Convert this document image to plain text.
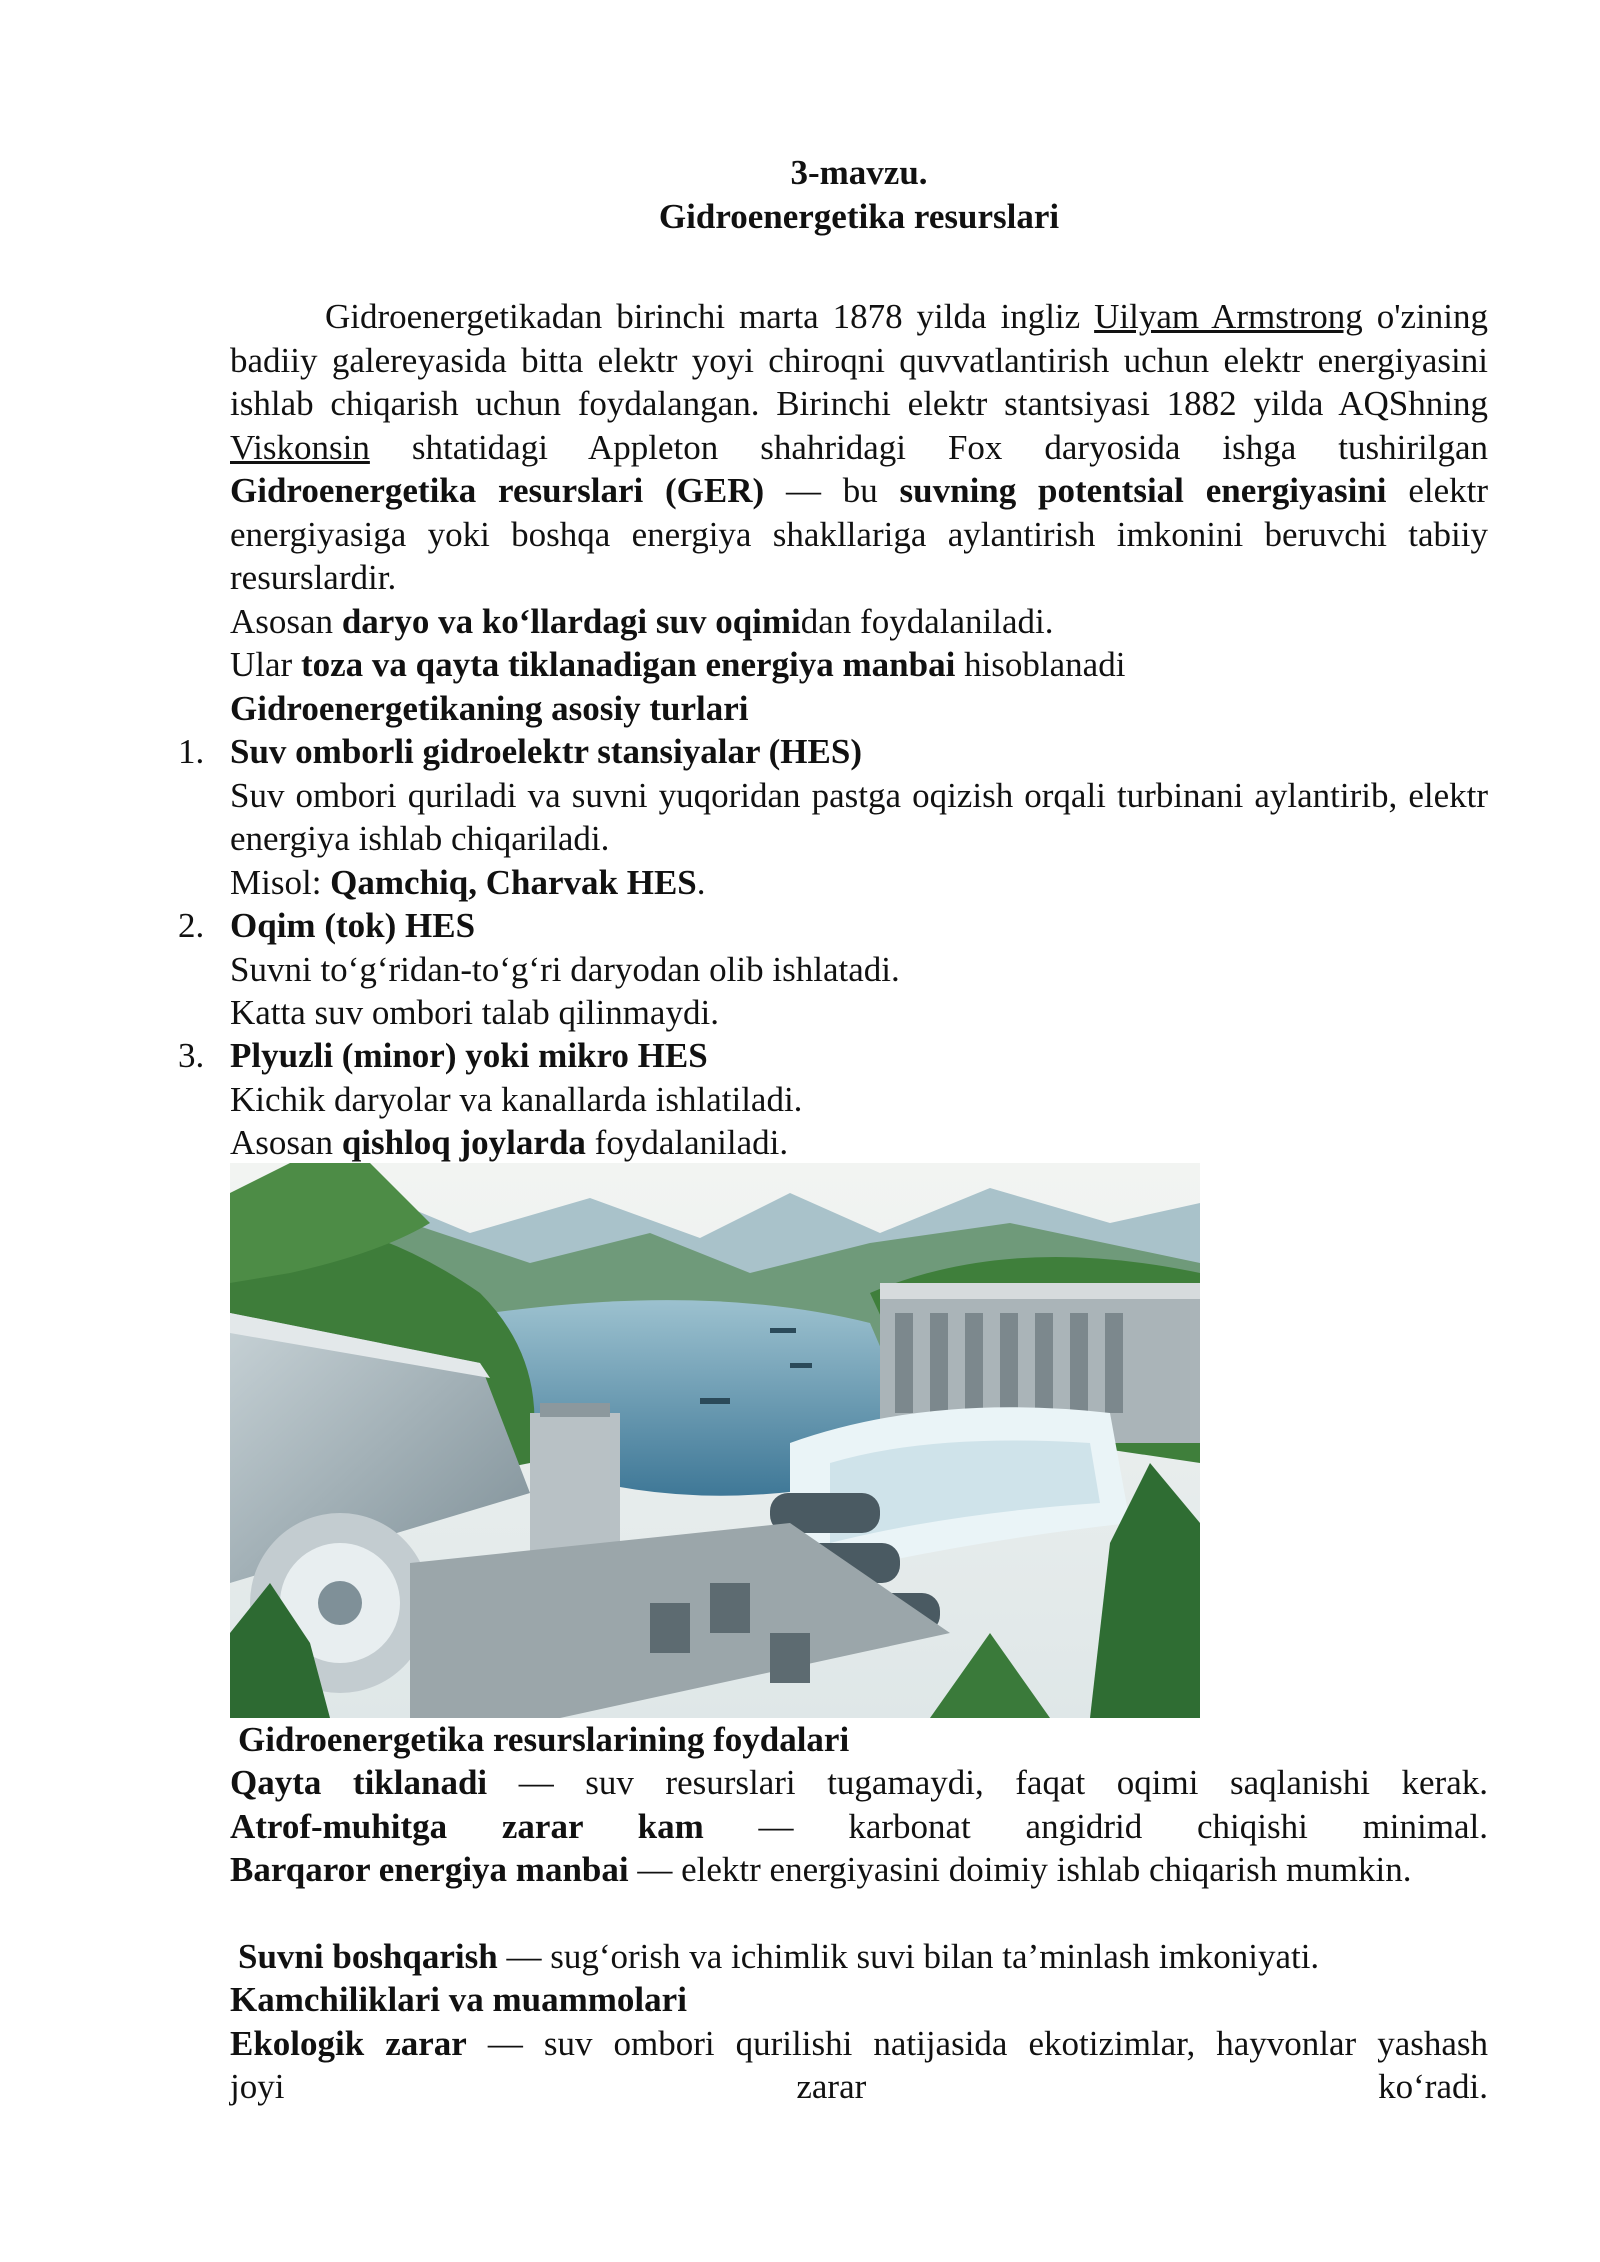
3-mavzu.
Gidroenergetika resurslari
Gidroenergetikadan birinchi marta 1878 yilda ingliz Uilyam Armstrong o'zining badiiy galereyasida bitta elektr yoyi chiroqni quvvatlantirish uchun elektr energiyasini ishlab chiqarish uchun foydalangan. Birinchi elektr stantsiyasi 1882 yilda AQShning Viskonsin shtatidagi Appleton shahridagi Fox daryosida ishga tushirilgan Gidroenergetika resurslari (GER) — bu suvning potentsial energiyasini elektr energiyasiga yoki boshqa energiya shakllariga aylantirish imkonini beruvchi tabiiy resurslardir.
Asosan daryo va ko‘llardagi suv oqimidan foydalaniladi.
Ular toza va qayta tiklanadigan energiya manbai hisoblanadi
Gidroenergetikaning asosiy turlari
1. Suv omborli gidroelektr stansiyalar (HES)
Suv ombori quriladi va suvni yuqoridan pastga oqizish orqali turbinani aylantirib, elektr energiya ishlab chiqariladi.
Misol: Qamchiq, Charvak HES.
2. Oqim (tok) HES
Suvni to‘g‘ridan-to‘g‘ri daryodan olib ishlatadi.
Katta suv ombori talab qilinmaydi.
3. Plyuzli (minor) yoki mikro HES
Kichik daryolar va kanallarda ishlatiladi.
Asosan qishloq joylarda foydalaniladi.
Gidroenergetika resurslarining foydalari
Qayta tiklanadi — suv resurslari tugamaydi, faqat oqimi saqlanishi kerak.
Atrof-muhitga zarar kam — karbonat angidrid chiqishi minimal.
Barqaror energiya manbai — elektr energiyasini doimiy ishlab chiqarish mumkin.
Suvni boshqarish — sug‘orish va ichimlik suvi bilan ta’minlash imkoniyati.
Kamchiliklari va muammolari
Ekologik zarar — suv ombori qurilishi natijasida ekotizimlar, hayvonlar yashash
joyi	zarar	ko‘radi.
